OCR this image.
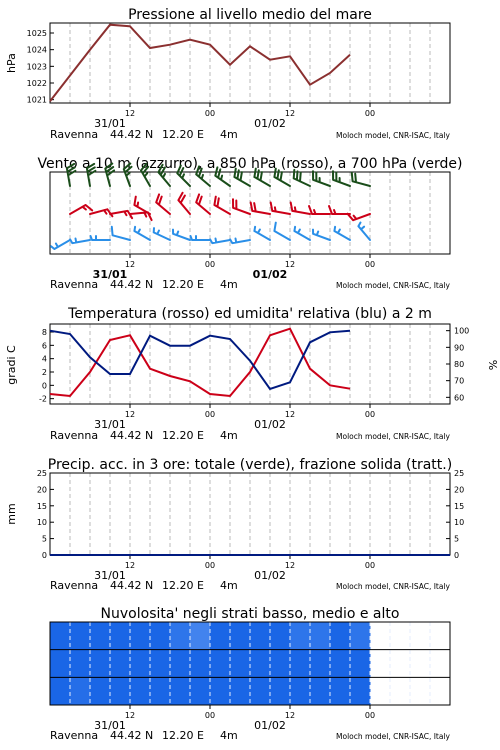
Pressione al livello medio del mare
hPa
1021
1022
1023
1024
1025
12	00	12	00
31/01	01/02
Ravenna 44.42 N 12.20 E 4m	Moloch model, CNR-ISAC, Italy
Vento a 10 m (azzurro), a 850 hPa (rosso), a 700 hPa (verde)
12	00	12	00
31/01	01/02
Ravenna 44.42 N 12.20 E 4m	Moloch model, CNR-ISAC, Italy
Temperatura (rosso) ed umidita' relativa (blu) a 2 m
gradi C	%
-2
0
2
4
6
8
60
70
80
90
100
12	00	12	00
31/01	01/02
Ravenna 44.42 N 12.20 E 4m	Moloch model, CNR-ISAC, Italy
Precip. acc. in 3 ore: totale (verde), frazione solida (tratt.)
mm
0
5
10
15
20
25
0
5
10
15
20
25
12	00	12	00
31/01	01/02
Ravenna 44.42 N 12.20 E 4m	Moloch model, CNR-ISAC, Italy
Nuvolosita' negli strati basso, medio e alto
12	00	12	00
31/01	01/02
Ravenna 44.42 N 12.20 E 4m	Moloch model, CNR-ISAC, Italy
